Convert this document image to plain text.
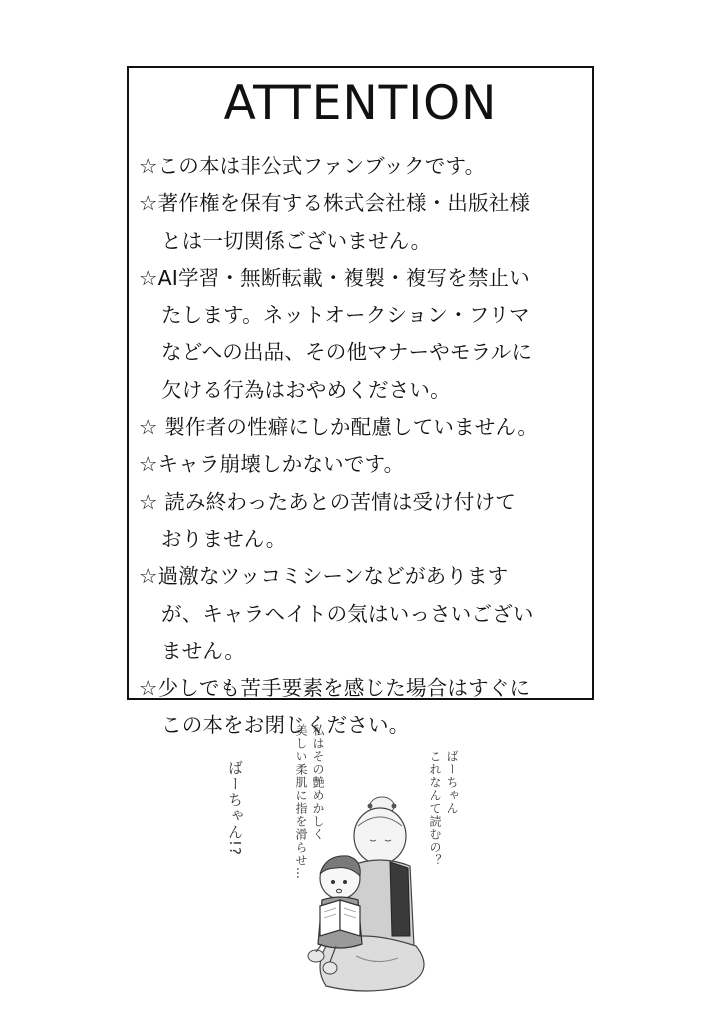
ATTENTION
☆この本は非公式ファンブックです。
☆著作権を保有する株式会社様・出版社様
とは一切関係ございません。
☆AI学習・無断転載・複製・複写を禁止い
たします。ネットオークション・フリマ
などへの出品、その他マナーやモラルに
欠ける行為はおやめください。
☆ 製作者の性癖にしか配慮していません。
☆キャラ崩壊しかないです。
☆ 読み終わったあとの苦情は受け付けて
おりません。
☆過激なツッコミシーンなどがあります
が、キャラヘイトの気はいっさいござい
ません。
☆少しでも苦手要素を感じた場合はすぐに
この本をお閉じください。
ばーちゃん!?	私はその艶めかしく
美しい柔肌に指を滑らせ…	ばーちゃん
これなんて読むの？
